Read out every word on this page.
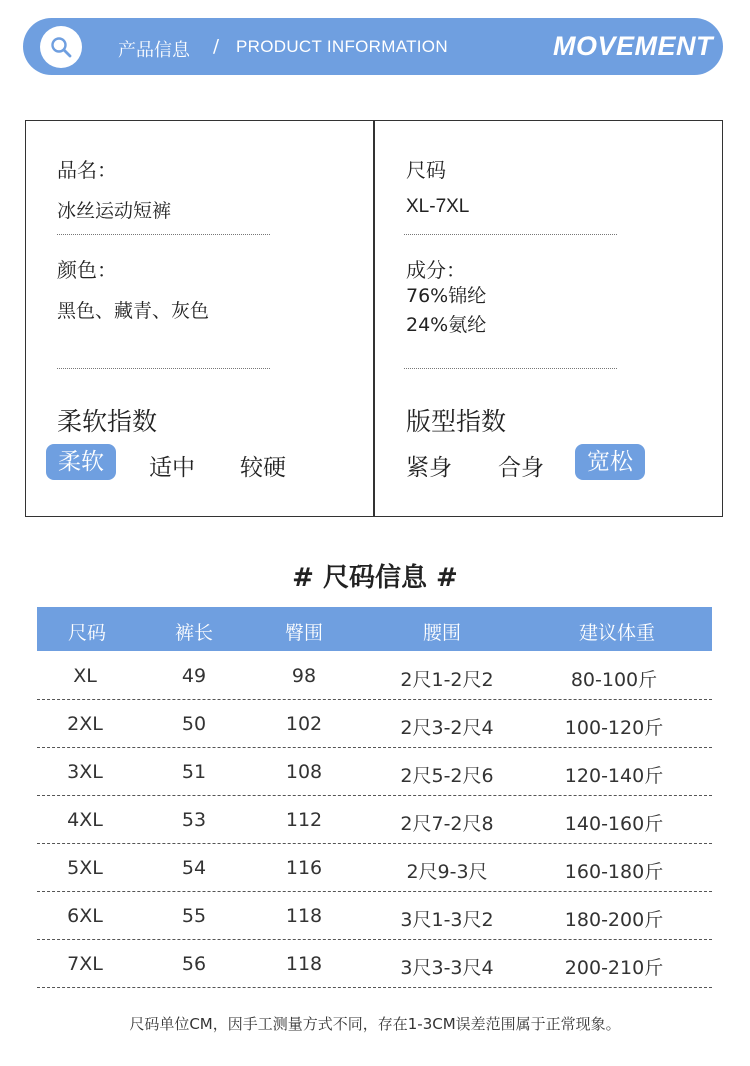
产品信息 / PRODUCT INFORMATION	MOVEMENT
品名：
冰丝运动短裤
颜色：
黑色、藏青、灰色
尺码
XL-7XL
成分：
76%锦纶
24%氨纶
柔软指数
柔软	适中 较硬
版型指数
紧身 合身	宽松
# 尺码信息 #
尺码	裤长	臀围	腰围	建议体重
XL	49	98	2尺1-2尺2	80-100斤
2XL	50	102	2尺3-2尺4	100-120斤
3XL	51	108	2尺5-2尺6	120-140斤
4XL	53	112	2尺7-2尺8	140-160斤
5XL	54	116	2尺9-3尺	160-180斤
6XL	55	118	3尺1-3尺2	180-200斤
7XL	56	118	3尺3-3尺4	200-210斤
尺码单位CM，因手工测量方式不同，存在1-3CM误差范围属于正常现象。
